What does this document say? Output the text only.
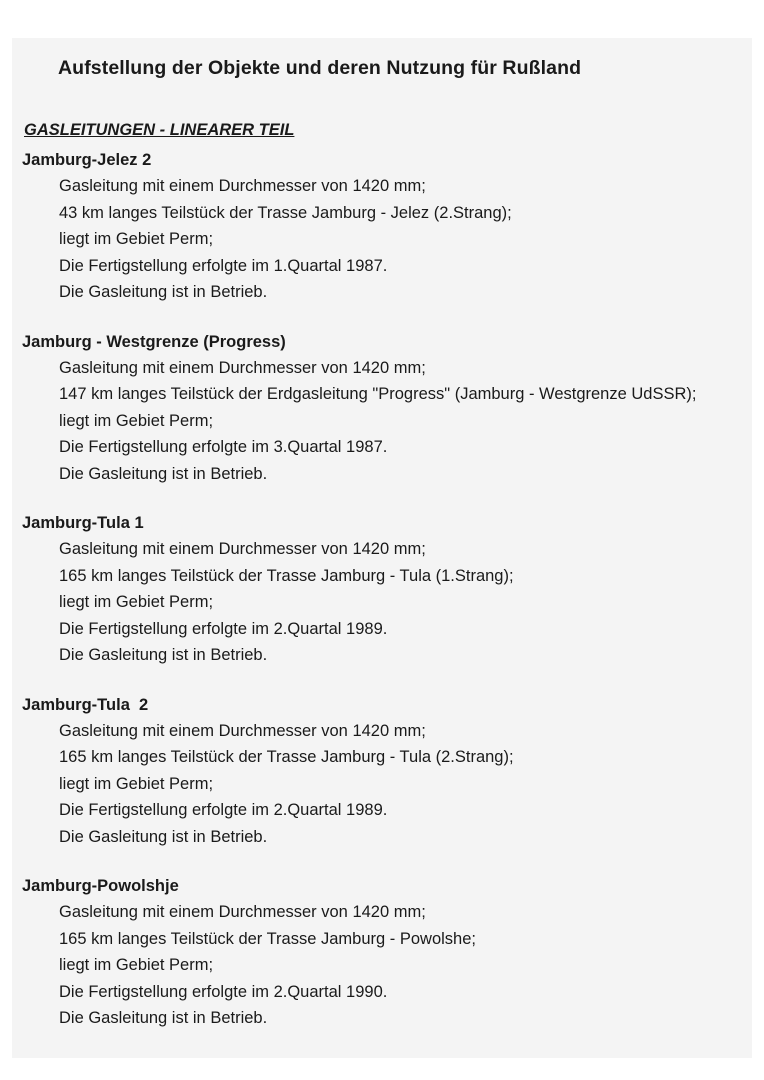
Aufstellung der Objekte und deren Nutzung für Rußland
GASLEITUNGEN - LINEARER TEIL
Jamburg-Jelez 2
Gasleitung mit einem Durchmesser von 1420 mm;
43 km langes Teilstück der Trasse Jamburg - Jelez (2.Strang);
liegt im Gebiet Perm;
Die Fertigstellung erfolgte im 1.Quartal 1987.
Die Gasleitung ist in Betrieb.
Jamburg - Westgrenze (Progress)
Gasleitung mit einem Durchmesser von 1420 mm;
147 km langes Teilstück der Erdgasleitung "Progress" (Jamburg - Westgrenze UdSSR);
liegt im Gebiet Perm;
Die Fertigstellung erfolgte im 3.Quartal 1987.
Die Gasleitung ist in Betrieb.
Jamburg-Tula 1
Gasleitung mit einem Durchmesser von 1420 mm;
165 km langes Teilstück der Trasse Jamburg - Tula (1.Strang);
liegt im Gebiet Perm;
Die Fertigstellung erfolgte im 2.Quartal 1989.
Die Gasleitung ist in Betrieb.
Jamburg-Tula  2
Gasleitung mit einem Durchmesser von 1420 mm;
165 km langes Teilstück der Trasse Jamburg - Tula (2.Strang);
liegt im Gebiet Perm;
Die Fertigstellung erfolgte im 2.Quartal 1989.
Die Gasleitung ist in Betrieb.
Jamburg-Powolshje
Gasleitung mit einem Durchmesser von 1420 mm;
165 km langes Teilstück der Trasse Jamburg - Powolshe;
liegt im Gebiet Perm;
Die Fertigstellung erfolgte im 2.Quartal 1990.
Die Gasleitung ist in Betrieb.
